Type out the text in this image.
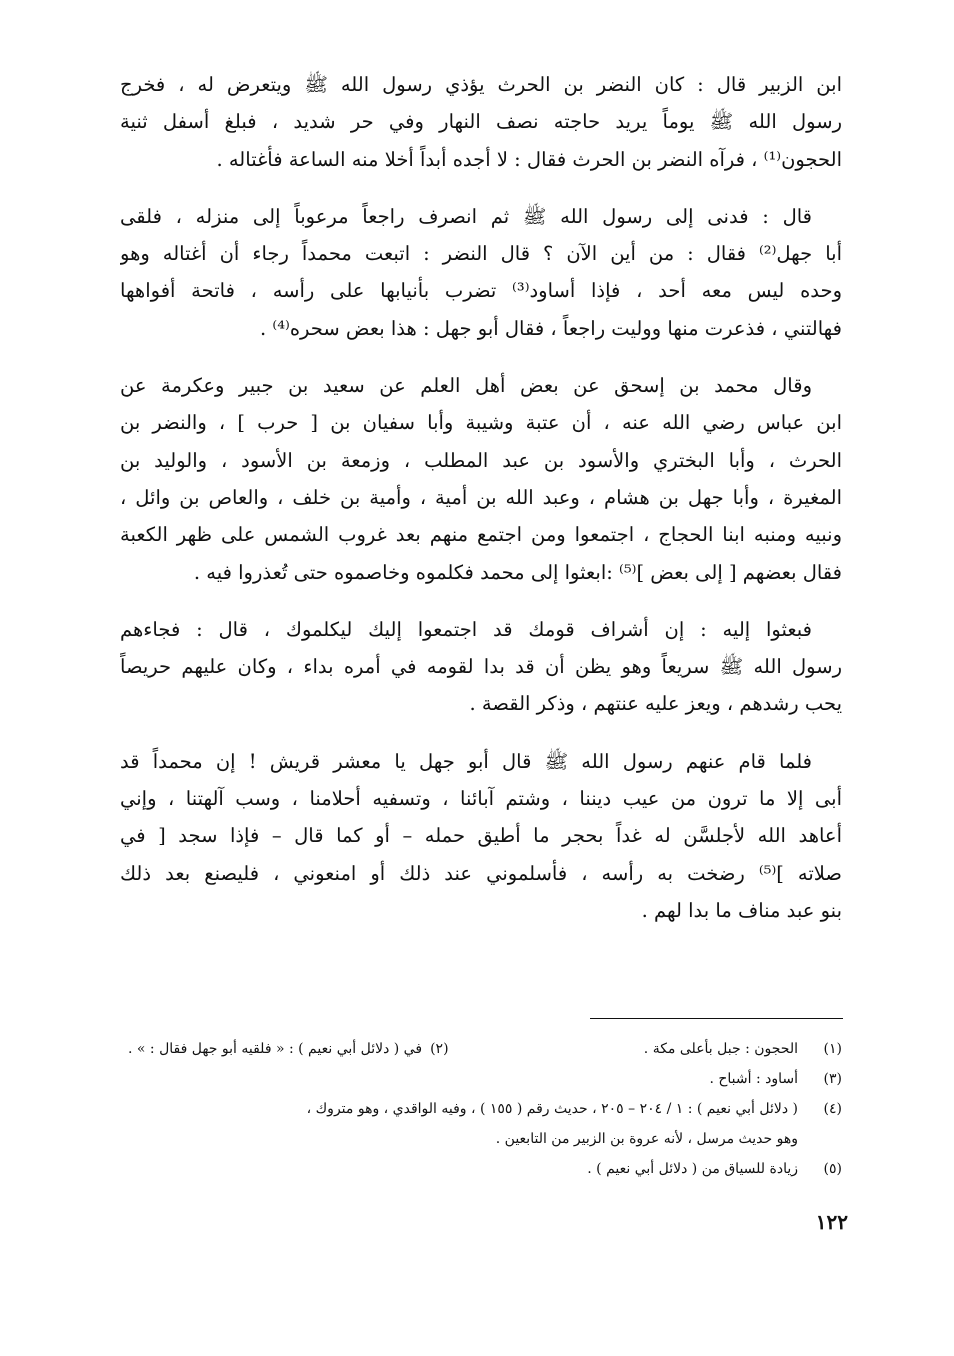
ابن الزبير قال : كان النضر بن الحرث يؤذي رسول الله ﷺ ويتعرض له ، فخرج
رسول الله ﷺ يوماً يريد حاجته نصف النهار وفي حر شديد ، فبلغ أسفل ثنية
الحجون⁽¹⁾ ، فرآه النضر بن الحرث فقال : لا أجده أبداً أخلا منه الساعة فأغتاله .
قال : فدنى إلى رسول الله ﷺ ثم انصرف راجعاً مرعوباً إلى منزله ، فلقى
أبا جهل⁽²⁾ فقال : من أين الآن ؟ قال النضر : اتبعت محمداً رجاء أن أغتاله وهو
وحده ليس معه أحد ، فإذا أساود⁽³⁾ تضرب بأنيابها على رأسه ، فاتحة أفواهها
فهالتني ، فذعرت منها ووليت راجعاً ، فقال أبو جهل : هذا بعض سحره⁽⁴⁾ .
وقال محمد بن إسحق عن بعض أهل العلم عن سعيد بن جبير وعكرمة عن
ابن عباس رضي الله عنه ، أن عتبة وشيبة وأبا سفيان بن [ حرب ] ، والنضر بن
الحرث ، وأبا البختري والأسود بن عبد المطلب ، وزمعة بن الأسود ، والوليد بن
المغيرة ، وأبا جهل بن هشام ، وعبد الله بن أمية ، وأمية بن خلف ، والعاص بن وائل ،
ونبيه ومنبه ابنا الحجاج ، اجتمعوا ومن اجتمع منهم بعد غروب الشمس على ظهر الكعبة
فقال بعضهم [ إلى بعض ]⁽⁵⁾ :ابعثوا إلى محمد فكلموه وخاصموه حتى تُعذروا فيه .
فبعثوا إليه : إن أشراف قومك قد اجتمعوا إليك ليكلموك ، قال : فجاءهم
رسول الله ﷺ سريعاً وهو يظن أن قد بدا لقومه في أمره بداء ، وكان عليهم حريصاً
يحب رشدهم ، ويعز عليه عنتهم ، وذكر القصة .
فلما قام عنهم رسول الله ﷺ قال أبو جهل يا معشر قريش ! إن محمداً قد
أبى إلا ما ترون من عيب ديننا ، وشتم آبائنا ، وتسفيه أحلامنا ، وسب آلهتنا ، وإني
أعاهد الله لأجلسَّن له غداً بحجر ما أطيق حمله – أو كما قال – فإذا سجد [ في
صلاته ]⁽⁵⁾ رضخت به رأسه ، فأسلموني عند ذلك أو امنعوني ، فليصنع بعد ذلك
بنو عبد مناف ما بدا لهم .
(١)
الحجون : جبل بأعلى مكة .
(٢)
في ( دلائل أبي نعيم ) : « فلقيه أبو جهل فقال : » .
(٣)
أساود : أشباح .
(٤)
( دلائل أبي نعيم ) : ١ / ٢٠٤ – ٢٠٥ ، حديث رقم ( ١٥٥ ) ، وفيه الواقدي ، وهو متروك ،
وهو حديث مرسل ، لأنه عروة بن الزبير من التابعين .
(٥)
زيادة للسياق من ( دلائل أبي نعيم ) .
١٢٢
